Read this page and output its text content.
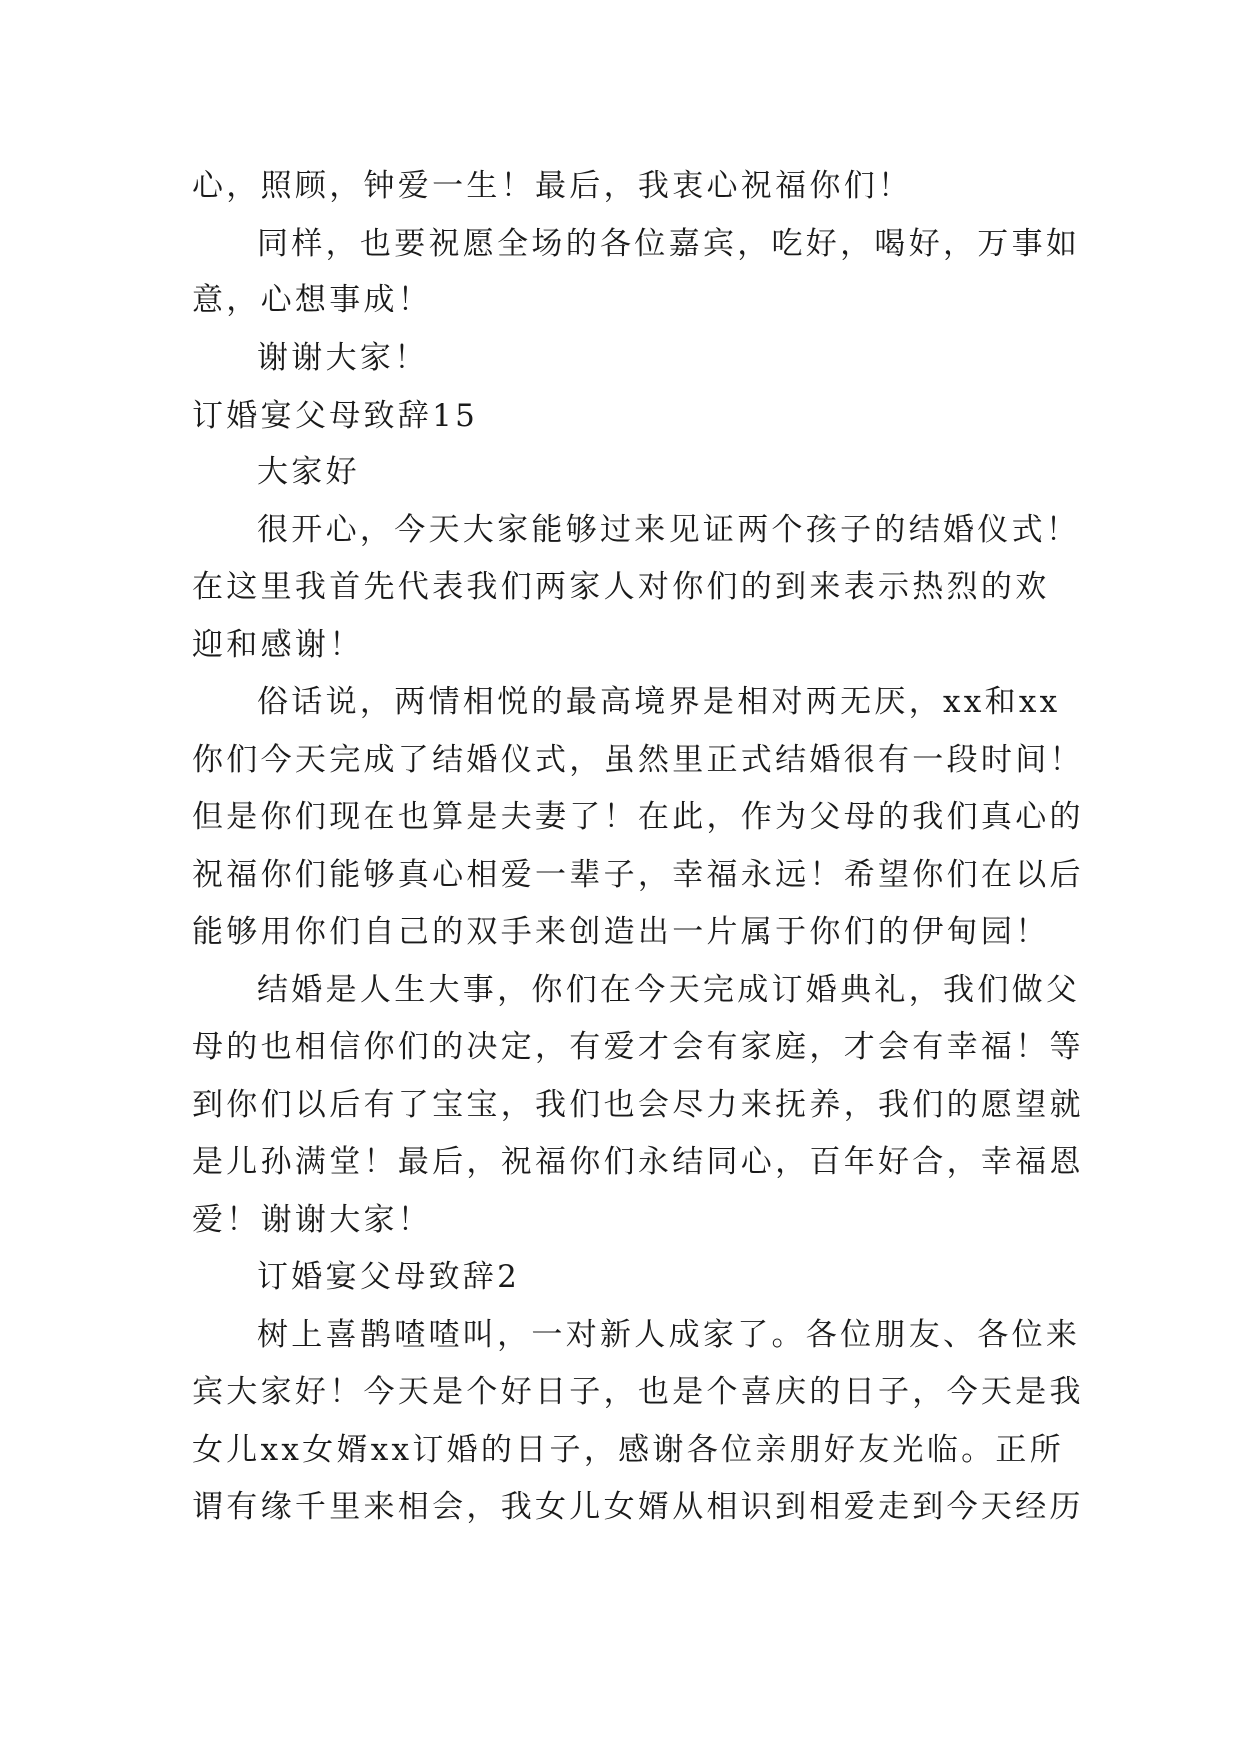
心，照顾，钟爱一生！最后，我衷心祝福你们！
同样，也要祝愿全场的各位嘉宾，吃好，喝好，万事如
意，心想事成！
谢谢大家！
订婚宴父母致辞15
大家好
很开心，今天大家能够过来见证两个孩子的结婚仪式！
在这里我首先代表我们两家人对你们的到来表示热烈的欢
迎和感谢！
俗话说，两情相悦的最高境界是相对两无厌，xx和xx
你们今天完成了结婚仪式，虽然里正式结婚很有一段时间！
但是你们现在也算是夫妻了！在此，作为父母的我们真心的
祝福你们能够真心相爱一辈子，幸福永远！希望你们在以后
能够用你们自己的双手来创造出一片属于你们的伊甸园！
结婚是人生大事，你们在今天完成订婚典礼，我们做父
母的也相信你们的决定，有爱才会有家庭，才会有幸福！等
到你们以后有了宝宝，我们也会尽力来抚养，我们的愿望就
是儿孙满堂！最后，祝福你们永结同心，百年好合，幸福恩
爱！谢谢大家！
订婚宴父母致辞2
树上喜鹊喳喳叫，一对新人成家了。各位朋友、各位来
宾大家好！今天是个好日子，也是个喜庆的日子，今天是我
女儿xx女婿xx订婚的日子，感谢各位亲朋好友光临。正所
谓有缘千里来相会，我女儿女婿从相识到相爱走到今天经历
